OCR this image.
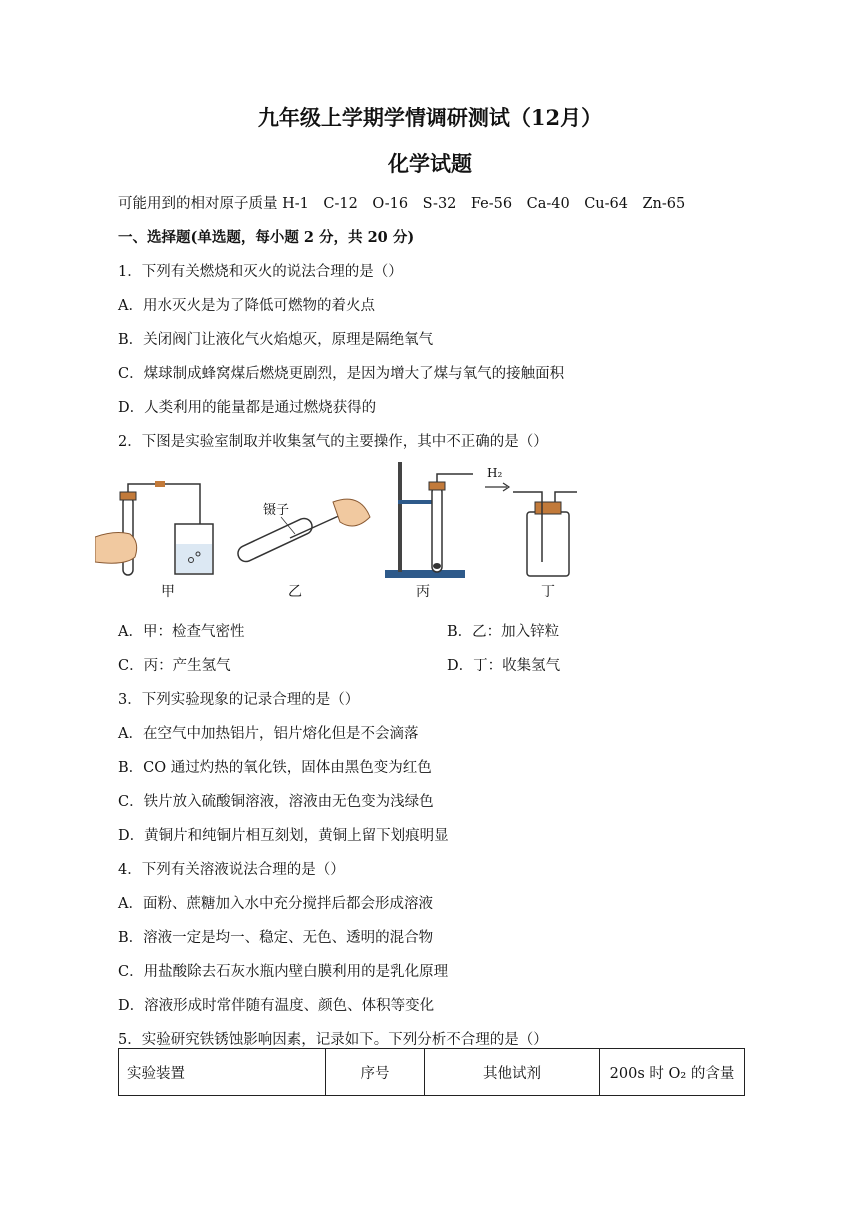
九年级上学期学情调研测试（12月）
化学试题
可能用到的相对原子质量 H-1　C-12　O-16　S-32　Fe-56　Ca-40　Cu-64　Zn-65
一、选择题(单选题，每小题 2 分，共 20 分)
1．下列有关燃烧和灭火的说法合理的是（）
A．用水灭火是为了降低可燃物的着火点
B．关闭阀门让液化气火焰熄灭，原理是隔绝氧气
C．煤球制成蜂窝煤后燃烧更剧烈，是因为增大了煤与氧气的接触面积
D．人类利用的能量都是通过燃烧获得的
2．下图是实验室制取并收集氢气的主要操作，其中不正确的是（）
甲
镊子
乙	丙
H₂
丁
A．甲：检查气密性	B．乙：加入锌粒
C．丙：产生氢气	D．丁：收集氢气
3．下列实验现象的记录合理的是（）
A．在空气中加热铝片，铝片熔化但是不会滴落
B．CO 通过灼热的氧化铁，固体由黑色变为红色
C．铁片放入硫酸铜溶液，溶液由无色变为浅绿色
D．黄铜片和纯铜片相互刻划，黄铜上留下划痕明显
4．下列有关溶液说法合理的是（）
A．面粉、蔗糖加入水中充分搅拌后都会形成溶液
B．溶液一定是均一、稳定、无色、透明的混合物
C．用盐酸除去石灰水瓶内壁白膜利用的是乳化原理
D．溶液形成时常伴随有温度、颜色、体积等变化
5．实验研究铁锈蚀影响因素，记录如下。下列分析不合理的是（）
实验装置	序号	其他试剂	200s 时 O₂ 的含量
